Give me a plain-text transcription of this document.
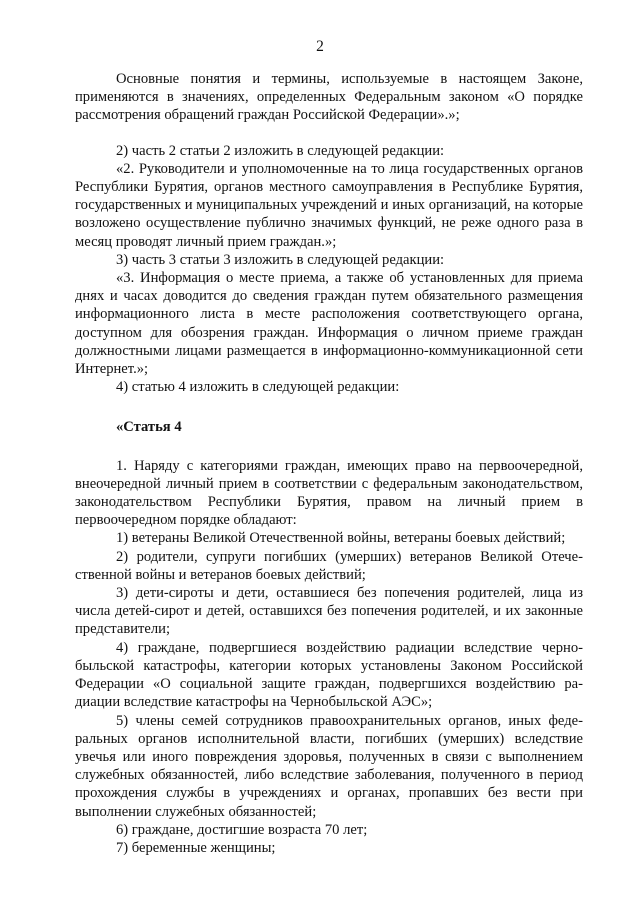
2

Основные понятия и термины, используемые в настоящем Законе, применяются в значениях, определенных Федеральным законом «О порядке рассмотрения обращений граждан Российской Федерации».»;

2) часть 2 статьи 2 изложить в следующей редакции:

«2. Руководители и уполномоченные на то лица государственных органов Республики Бурятия, органов местного самоуправления в Республике Бурятия, государственных и муниципальных учреждений и иных организаций, на которые возложено осуществление публично значимых функций, не реже одного раза в месяц проводят личный прием граждан.»;

3) часть 3 статьи 3 изложить в следующей редакции:

«3. Информация о месте приема, а также об установленных для приема днях и часах доводится до сведения граждан путем обязательного размещения информационного листа в месте расположения соответствующего органа, доступном для обозрения граждан. Информация о личном приеме граждан должностными лицами размещается в информационно-коммуникационной сети Интернет.»;

4) статью 4 изложить в следующей редакции:

«Статья 4

1. Наряду с категориями граждан, имеющих право на первоочередной, внеочередной личный прием в соответствии с федеральным законодательством, законодательством Республики Бурятия, правом на личный прием в первоочередном порядке обладают:

1) ветераны Великой Отечественной войны, ветераны боевых действий;

2) родители, супруги погибших (умерших) ветеранов Великой Отечественной войны и ветеранов боевых действий;

3) дети-сироты и дети, оставшиеся без попечения родителей, лица из числа детей-сирот и детей, оставшихся без попечения родителей, и их законные представители;

4) граждане, подвергшиеся воздействию радиации вследствие чернобыльской катастрофы, категории которых установлены Законом Российской Федерации «О социальной защите граждан, подвергшихся воздействию радиации вследствие катастрофы на Чернобыльской АЭС»;

5) члены семей сотрудников правоохранительных органов, иных федеральных органов исполнительной власти, погибших (умерших) вследствие увечья или иного повреждения здоровья, полученных в связи с выполнением служебных обязанностей, либо вследствие заболевания, полученного в период прохождения службы в учреждениях и органах, пропавших без вести при выполнении служебных обязанностей;

6) граждане, достигшие возраста 70 лет;

7) беременные женщины;
